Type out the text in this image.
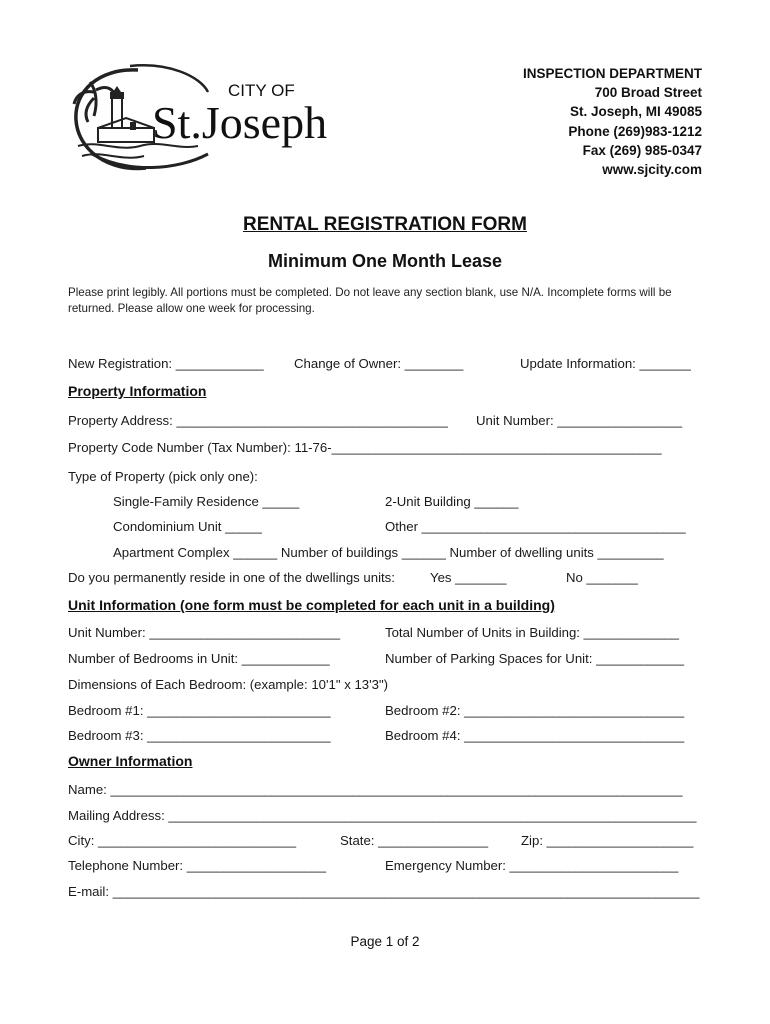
CITY OF
St.Joseph
INSPECTION DEPARTMENT
700 Broad Street
St. Joseph, MI 49085
Phone (269)983-1212
Fax (269) 985-0347
www.sjcity.com
RENTAL REGISTRATION FORM
Minimum One Month Lease
Please print legibly. All portions must be completed. Do not leave any section blank, use N/A. Incomplete forms will be returned. Please allow one week for processing.
New Registration: ____________ Change of Owner: ________	Update Information: _______
Property Information
Property Address: _____________________________________ Unit Number: _________________
Property Code Number (Tax Number): 11-76-_____________________________________________
Type of Property (pick only one):
Single-Family Residence _____	2-Unit Building ______
Condominium Unit _____	Other ____________________________________
Apartment Complex ______ Number of buildings ______ Number of dwelling units _________
Do you permanently reside in one of the dwellings units:	Yes _______	No _______
Unit Information (one form must be completed for each unit in a building)
Unit Number: __________________________	Total Number of Units in Building: _____________
Number of Bedrooms in Unit: ____________	Number of Parking Spaces for Unit: ____________
Dimensions of Each Bedroom: (example: 10'1" x 13'3")
Bedroom #1: _________________________	Bedroom #2: ______________________________
Bedroom #3: _________________________	Bedroom #4: ______________________________
Owner Information
Name: ______________________________________________________________________________
Mailing Address: ________________________________________________________________________
City: ___________________________	State: _______________ Zip: ____________________
Telephone Number: ___________________	Emergency Number: _______________________
E-mail: ________________________________________________________________________________
Page 1 of 2
